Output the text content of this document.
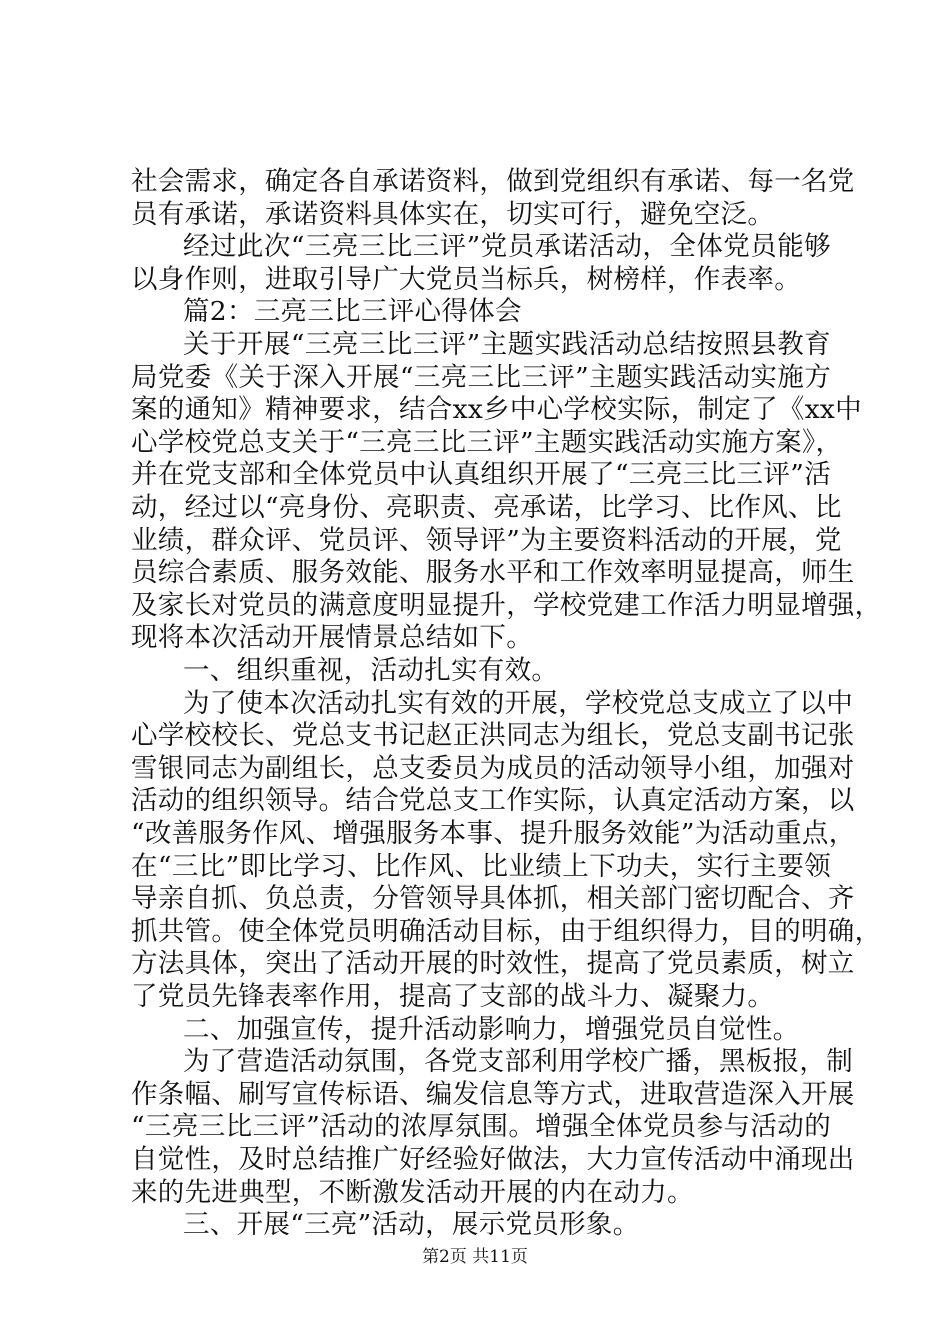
社会需求，确定各自承诺资料，做到党组织有承诺、每一名党
员有承诺，承诺资料具体实在，切实可行，避免空泛。
经过此次“三亮三比三评”党员承诺活动，全体党员能够
以身作则，进取引导广大党员当标兵，树榜样，作表率。
篇2：三亮三比三评心得体会
关于开展“三亮三比三评”主题实践活动总结按照县教育
局党委《关于深入开展“三亮三比三评”主题实践活动实施方
案的通知》精神要求，结合xx乡中心学校实际，制定了《xx中
心学校党总支关于“三亮三比三评”主题实践活动实施方案》，
并在党支部和全体党员中认真组织开展了“三亮三比三评”活
动，经过以“亮身份、亮职责、亮承诺，比学习、比作风、比
业绩，群众评、党员评、领导评”为主要资料活动的开展，党
员综合素质、服务效能、服务水平和工作效率明显提高，师生
及家长对党员的满意度明显提升，学校党建工作活力明显增强，
现将本次活动开展情景总结如下。
一、组织重视，活动扎实有效。
为了使本次活动扎实有效的开展，学校党总支成立了以中
心学校校长、党总支书记赵正洪同志为组长，党总支副书记张
雪银同志为副组长，总支委员为成员的活动领导小组，加强对
活动的组织领导。结合党总支工作实际，认真定活动方案，以
“改善服务作风、增强服务本事、提升服务效能”为活动重点，
在“三比”即比学习、比作风、比业绩上下功夫，实行主要领
导亲自抓、负总责，分管领导具体抓，相关部门密切配合、齐
抓共管。使全体党员明确活动目标，由于组织得力，目的明确，
方法具体，突出了活动开展的时效性，提高了党员素质，树立
了党员先锋表率作用，提高了支部的战斗力、凝聚力。
二、加强宣传，提升活动影响力，增强党员自觉性。
为了营造活动氛围，各党支部利用学校广播，黑板报，制
作条幅、刷写宣传标语、编发信息等方式，进取营造深入开展
“三亮三比三评”活动的浓厚氛围。增强全体党员参与活动的
自觉性，及时总结推广好经验好做法，大力宣传活动中涌现出
来的先进典型，不断激发活动开展的内在动力。
三、开展“三亮”活动，展示党员形象。
第2页 共11页
